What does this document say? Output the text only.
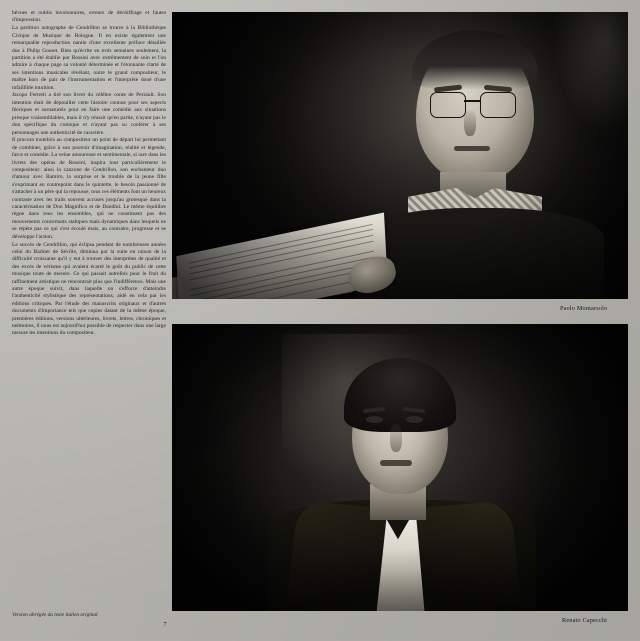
bévues et oublis involontaires, erreurs de déchiffrage et fautes d'impression.

La partition autographe de Cendrillon se trouve à la Bibliothèque Civique de Musique de Bologne. Il en existe également une remarquable reproduction nantie d'une excellente préface détaillée due à Philip Gosset. Bien qu'écrite en trois semaines seulement, la partition a été établie par Rossini avec extrêmement de soin et l'on admire à chaque page sa volonté déterminée et l'étonnante clarté de ses intentions musicales révélant, outre le grand compositeur, le maître hors de pair de l'instrumentation et l'interprète doué d'une infaillible intuition.

Jacopo Ferretti a tiré son livret du célèbre conte de Perrault. Son intention était de dépouiller cette histoire connue pour ses aspects féeriques et surnaturels pour en faire une comédie aux situations presque vraisemblables, mais il n'y réussit qu'en partie, n'ayant pas le don spécifique du comique et n'ayant pas su conférer à ses personnages une authenticité de caractère.

Il procura toutefois au compositeur un point de départ lui permettant de combiner, grâce à son pouvoir d'imagination, réalité et légende, farce et comédie. La veine amoureuse et sentimentale, si rare dans les livrets des opéras de Rossini, inspira tout particulièrement le compositeur: ainsi la canzone de Cendrillon, son enchanteur duo d'amour avec Ramiro, la surprise et le trouble de la jeune fille s'exprimant en contrepoint dans le quintette, le besoin passionné de s'attacher à un père qui la repousse, tous ces éléments font un heureux contraste avec les traits souvent accusés jusqu'au grotesque dans la caractérisation de Don Magnifico et de Dandini. Le même équilibre règne dans tous les ensembles, qui ne constituent pas des mouvements concertants statiques mais dynamiques dans lesquels ne se répète pas ce qui s'est écoulé mais, au contraire, progresse et se développe l'action.

Le succès de Cendrillon, qui éclipsa pendant de nombreuses années celui du Barbier de Séville, diminua par la suite en raison de la difficulté croissante qu'il y eut à trouver des interprètes de qualité et des excès de vérisme qui avaient écarté le goût du public de cette musique toute de mesure. Ce qui passait autrefois pour le fruit du raffinement artistique ne rencontrait plus que l'indifférence. Mais une autre époque suivit, dans laquelle on s'efforce d'atteindre l'authenticité stylistique des représentations, aidé en cela par les éditions critiques. Par l'étude des manuscrits originaux et d'autres documents d'importance tels que copies datant de la même époque, premières éditions, versions ultérieures, livrets, lettres, chroniques et mémoires, il nous est aujourd'hui possible de respecter dans une large mesure les intentions du compositeur.

Version abrégée du texte italien original
7
Paolo Montarsolo
Renato Capecchi
